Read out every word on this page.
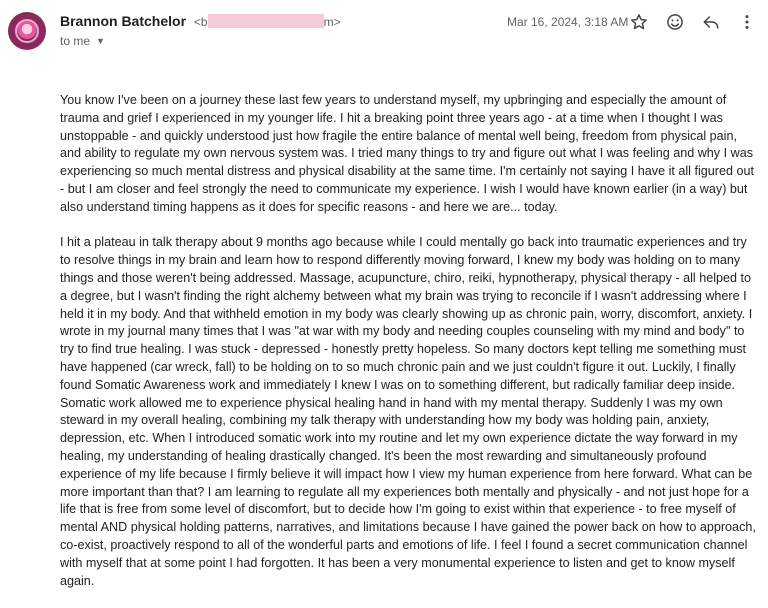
Brannon Batchelor <b	m>
to me ▼
Mar 16, 2024, 3:18 AM

You know I've been on a journey these last few years to understand myself, my upbringing and especially the amount of trauma and grief I experienced in my younger life. I hit a breaking point three years ago - at a time when I thought I was unstoppable - and quickly understood just how fragile the entire balance of mental well being, freedom from physical pain, and ability to regulate my own nervous system was. I tried many things to try and figure out what I was feeling and why I was experiencing so much mental distress and physical disability at the same time. I'm certainly not saying I have it all figured out - but I am closer and feel strongly the need to communicate my experience. I wish I would have known earlier (in a way) but also understand timing happens as it does for specific reasons - and here we are... today.

I hit a plateau in talk therapy about 9 months ago because while I could mentally go back into traumatic experiences and try to resolve things in my brain and learn how to respond differently moving forward, I knew my body was holding on to many things and those weren't being addressed. Massage, acupuncture, chiro, reiki, hypnotherapy, physical therapy - all helped to a degree, but I wasn't finding the right alchemy between what my brain was trying to reconcile if I wasn't addressing where I held it in my body. And that withheld emotion in my body was clearly showing up as chronic pain, worry, discomfort, anxiety. I wrote in my journal many times that I was "at war with my body and needing couples counseling with my mind and body" to try to find true healing. I was stuck - depressed - honestly pretty hopeless. So many doctors kept telling me something must have happened (car wreck, fall) to be holding on to so much chronic pain and we just couldn't figure it out. Luckily, I finally found Somatic Awareness work and immediately I knew I was on to something different, but radically familiar deep inside. Somatic work allowed me to experience physical healing hand in hand with my mental therapy. Suddenly I was my own steward in my overall healing, combining my talk therapy with understanding how my body was holding pain, anxiety, depression, etc. When I introduced somatic work into my routine and let my own experience dictate the way forward in my healing, my understanding of healing drastically changed. It's been the most rewarding and simultaneously profound experience of my life because I firmly believe it will impact how I view my human experience from here forward. What can be more important than that? I am learning to regulate all my experiences both mentally and physically - and not just hope for a life that is free from some level of discomfort, but to decide how I'm going to exist within that experience - to free myself of mental AND physical holding patterns, narratives, and limitations because I have gained the power back on how to approach, co-exist, proactively respond to all of the wonderful parts and emotions of life. I feel I found a secret communication channel with myself that at some point I had forgotten. It has been a very monumental experience to listen and get to know myself again.
